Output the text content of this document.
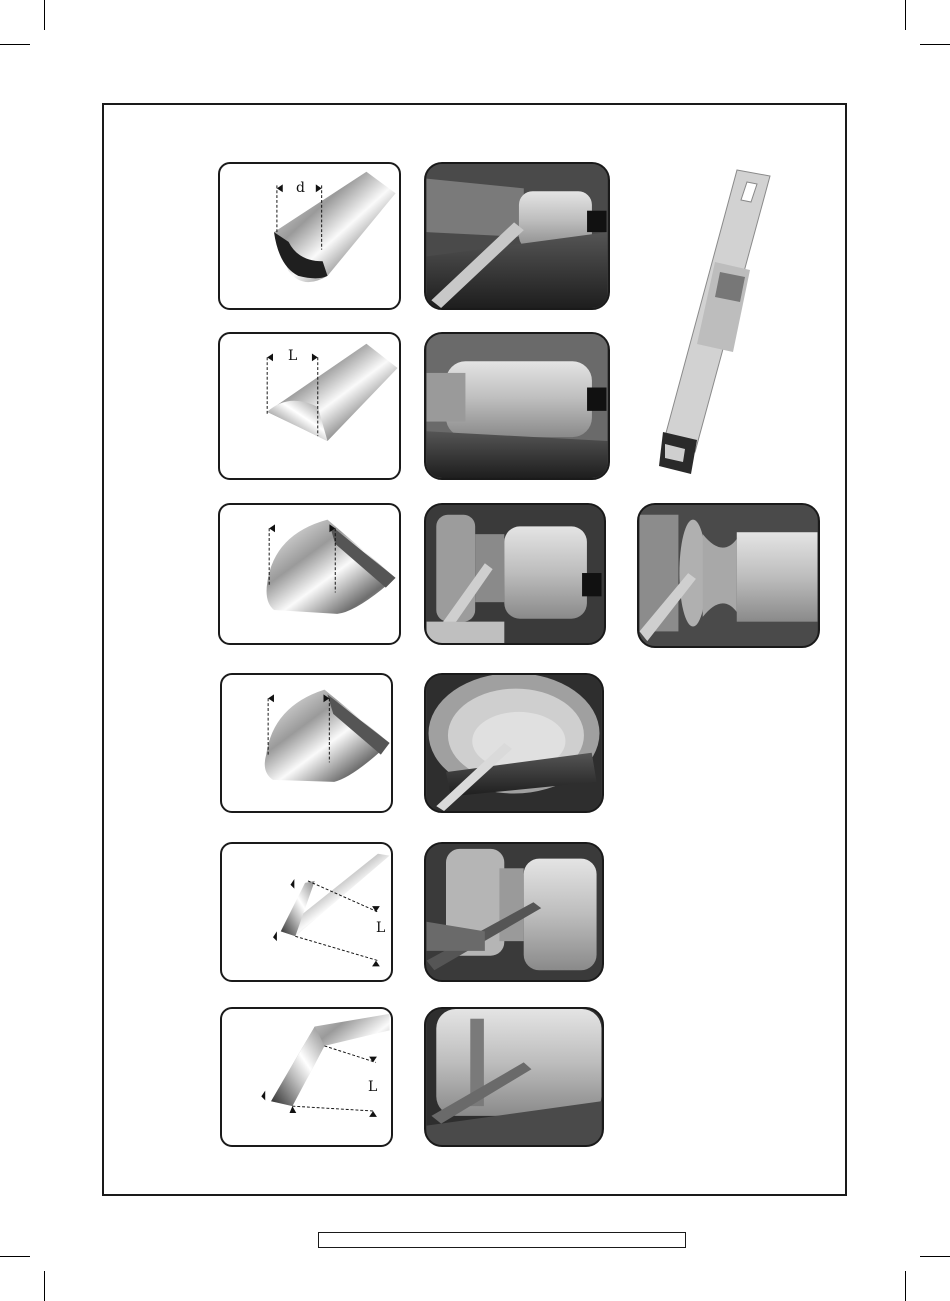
d
L
L
L
